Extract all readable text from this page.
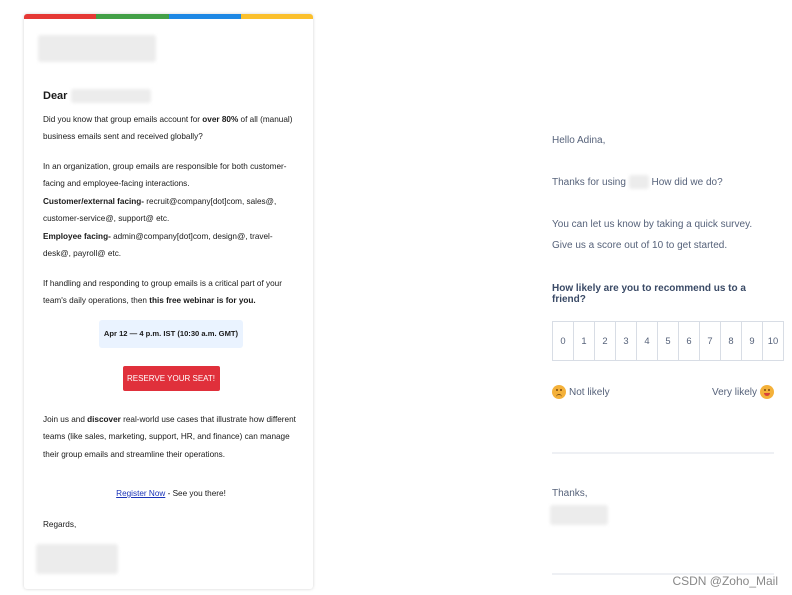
Dear

Did you know that group emails account for over 80% of all (manual) business emails sent and received globally?

In an organization, group emails are responsible for both customer-facing and employee-facing interactions.

Customer/external facing- recruit@company[dot]com, sales@, customer-service@, support@ etc.

Employee facing- admin@company[dot]com, design@, travel-desk@, payroll@ etc.

If handling and responding to group emails is a critical part of your team's daily operations, then this free webinar is for you.

Apr 12 — 4 p.m. IST (10:30 a.m. GMT)
RESERVE YOUR SEAT!

Join us and discover real-world use cases that illustrate how different teams (like sales, marketing, support, HR, and finance) can manage their group emails and streamline their operations.

Register Now - See you there!

Regards,

Hello Adina,

Thanks for using	How did we do?

You can let us know by taking a quick survey. Give us a score out of 10 to get started.

How likely are you to recommend us to a friend?

0	1	2	3	4	5	6	7	8	9	10
Not likely	Very likely

Thanks,

CSDN @Zoho_Mail
